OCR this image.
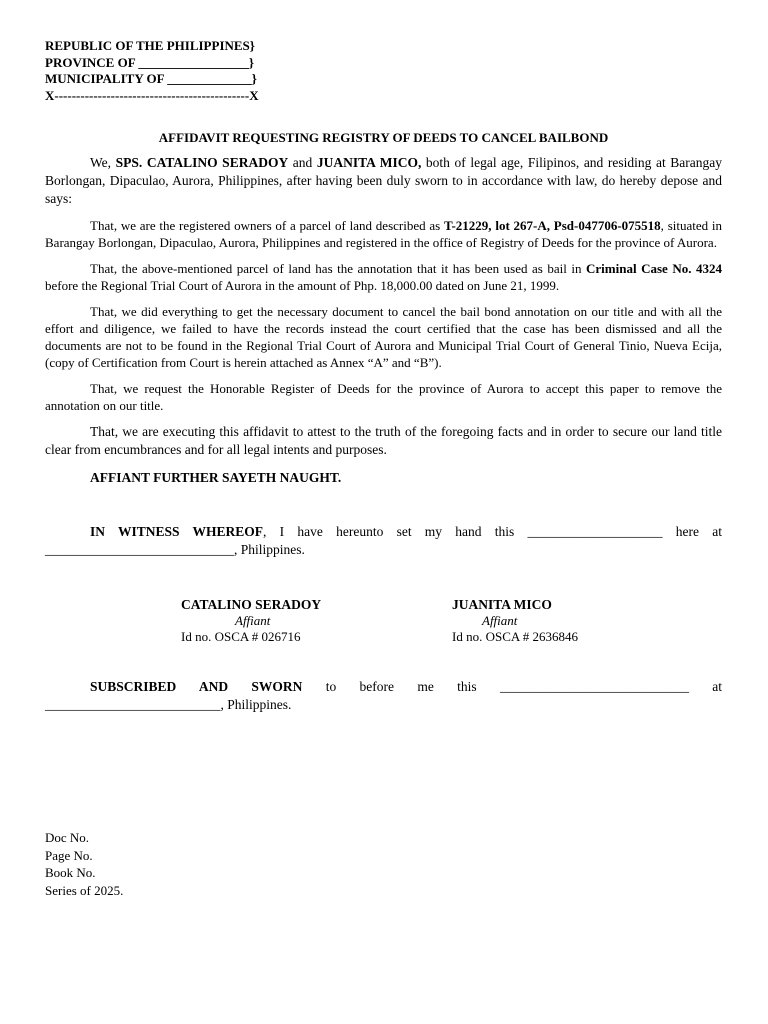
REPUBLIC OF THE PHILIPPINES}
PROVINCE OF _________________}
MUNICIPALITY OF _____________}
X---------------------------------------------X
AFFIDAVIT REQUESTING REGISTRY OF DEEDS TO CANCEL BAILBOND

We, SPS. CATALINO SERADOY and JUANITA MICO, both of legal age, Filipinos, and residing at Barangay Borlongan, Dipaculao, Aurora, Philippines, after having been duly sworn to in accordance with law, do hereby depose and says:

That, we are the registered owners of a parcel of land described as T-21229, lot 267-A, Psd-047706-075518, situated in Barangay Borlongan, Dipaculao, Aurora, Philippines and registered in the office of Registry of Deeds for the province of Aurora.

That, the above-mentioned parcel of land has the annotation that it has been used as bail in Criminal Case No. 4324 before the Regional Trial Court of Aurora in the amount of Php. 18,000.00 dated on June 21, 1999.

That, we did everything to get the necessary document to cancel the bail bond annotation on our title and with all the effort and diligence, we failed to have the records instead the court certified that the case has been dismissed and all the documents are not to be found in the Regional Trial Court of Aurora and Municipal Trial Court of General Tinio, Nueva Ecija, (copy of Certification from Court is herein attached as Annex “A” and “B”).

That, we request the Honorable Register of Deeds for the province of Aurora to accept this paper to remove the annotation on our title.

That, we are executing this affidavit to attest to the truth of the foregoing facts and in order to secure our land title clear from encumbrances and for all legal intents and purposes.

AFFIANT FURTHER SAYETH NAUGHT.

IN WITNESS WHEREOF, I have hereunto set my hand this ____________________ here at ____________________________, Philippines.

CATALINO SERADOY
Affiant
Id no. OSCA # 026716
JUANITA MICO
Affiant
Id no. OSCA # 2636846

SUBSCRIBED AND SWORN to before me this ____________________________ at

__________________________, Philippines.
Doc No.
Page No.
Book No.
Series of 2025.
